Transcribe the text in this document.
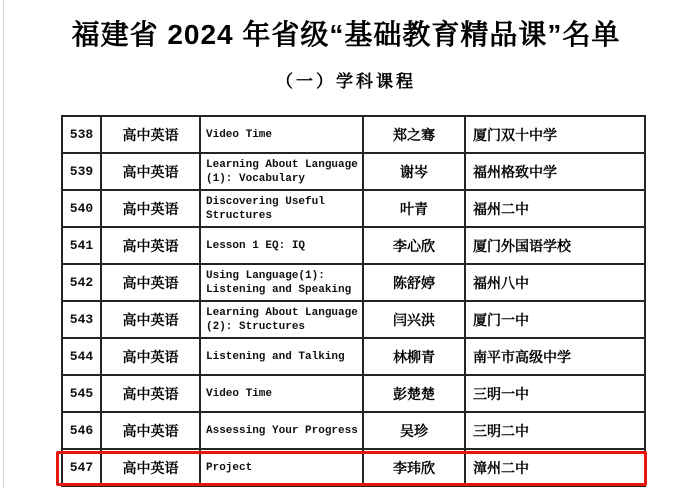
福建省 2024 年省级“基础教育精品课”名单
（一）学科课程
538	高中英语	Video Time	郑之骞	厦门双十中学
539	高中英语	Learning About Language (1): Vocabulary	谢岑	福州格致中学
540	高中英语	Discovering Useful Structures	叶青	福州二中
541	高中英语	Lesson 1 EQ: IQ	李心欣	厦门外国语学校
542	高中英语	Using Language(1): Listening and Speaking	陈舒婷	福州八中
543	高中英语	Learning About Language (2): Structures	闫兴洪	厦门一中
544	高中英语	Listening and Talking	林柳青	南平市高级中学
545	高中英语	Video Time	彭楚楚	三明一中
546	高中英语	Assessing Your Progress	吴珍	三明二中
547	高中英语	Project	李玮欣	漳州二中
